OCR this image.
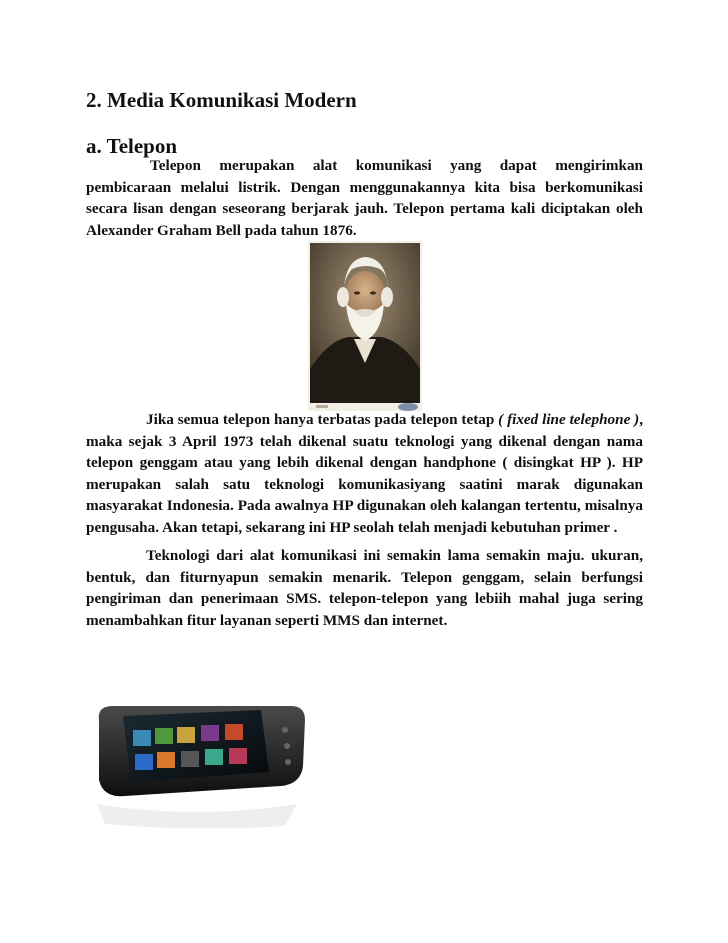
2. Media Komunikasi Modern
a. Telepon

Telepon merupakan alat komunikasi yang dapat mengirimkan pembicaraan melalui listrik. Dengan menggunakannya kita bisa berkomunikasi secara lisan dengan seseorang berjarak jauh. Telepon pertama kali diciptakan oleh Alexander Graham Bell pada tahun 1876.

Jika semua telepon hanya terbatas pada telepon tetap ( fixed line telephone ), maka sejak 3 April 1973 telah dikenal suatu teknologi yang dikenal dengan nama telepon genggam atau yang lebih dikenal dengan handphone ( disingkat HP ). HP merupakan salah satu teknologi komunikasiyang saatini marak digunakan masyarakat Indonesia. Pada awalnya HP digunakan oleh kalangan tertentu, misalnya pengusaha. Akan tetapi, sekarang ini HP seolah telah menjadi kebutuhan primer .

Teknologi dari alat komunikasi ini semakin lama semakin maju. ukuran, bentuk, dan fiturnyapun semakin menarik. Telepon genggam, selain berfungsi pengiriman dan penerimaan SMS. telepon-telepon yang lebiih mahal juga sering menambahkan fitur layanan seperti MMS dan internet.
